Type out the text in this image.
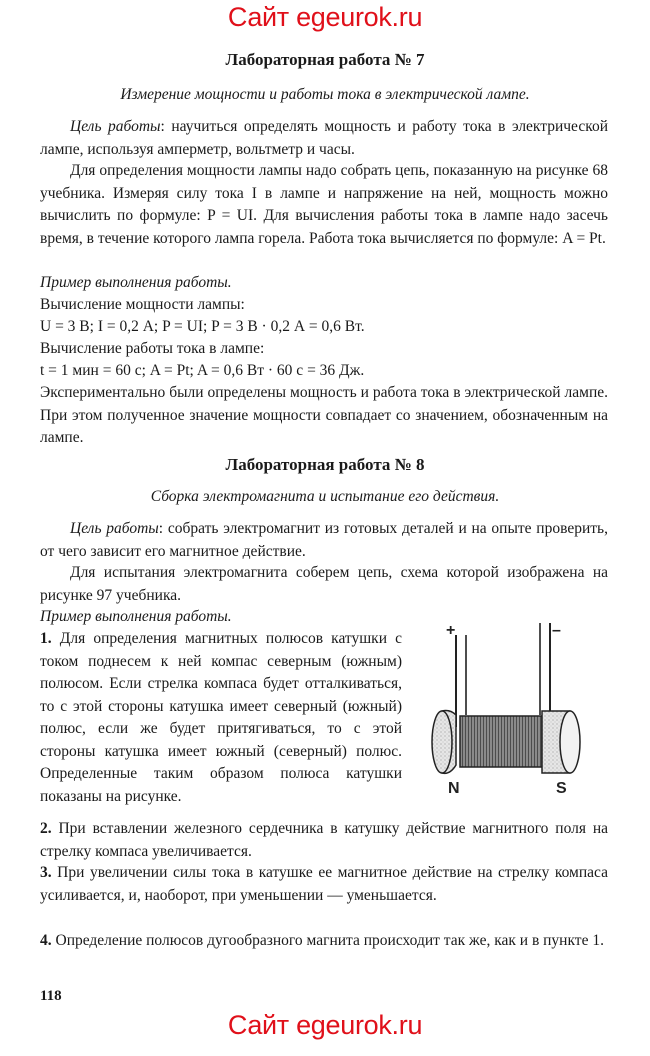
Сайт egeurok.ru
Лабораторная работа № 7
Измерение мощности и работы тока в электрической лампе.
Цель работы: научиться определять мощность и работу тока в электрической лампе, используя амперметр, вольтметр и часы.
Для определения мощности лампы надо собрать цепь, показанную на рисунке 68 учебника. Измеряя силу тока I в лампе и напряжение на ней, мощность можно вычислить по формуле: P = UI. Для вычисления работы тока в лампе надо засечь время, в течение которого лампа горела. Работа тока вычисляется по формуле: A = Pt.
Пример выполнения работы.
Вычисление мощности лампы:
U = 3 В; I = 0,2 А; P = UI; P = 3 В · 0,2 А = 0,6 Вт.
Вычисление работы тока в лампе:
t = 1 мин = 60 с; A = Pt; A = 0,6 Вт · 60 с = 36 Дж.
Экспериментально были определены мощность и работа тока в электрической лампе. При этом полученное значение мощности совпадает со значением, обозначенным на лампе.
Лабораторная работа № 8
Сборка электромагнита и испытание его действия.
Цель работы: собрать электромагнит из готовых деталей и на опыте проверить, от чего зависит его магнитное действие.
Для испытания электромагнита соберем цепь, схема которой изображена на рисунке 97 учебника.
Пример выполнения работы.
1. Для определения магнитных полюсов катушки с током поднесем к ней компас северным (южным) полюсом. Если стрелка компаса будет отталкиваться, то с этой стороны катушка имеет северный (южный) полюс, если же будет притягиваться, то с этой стороны катушка имеет южный (северный) полюс. Определенные таким образом полюса катушки показаны на рисунке.
+	–
N	S
2. При вставлении железного сердечника в катушку действие магнитного поля на стрелку компаса увеличивается.
3. При увеличении силы тока в катушке ее магнитное действие на стрелку компаса усиливается, и, наоборот, при уменьшении — уменьшается.
4. Определение полюсов дугообразного магнита происходит так же, как и в пункте 1.
118
Сайт egeurok.ru
